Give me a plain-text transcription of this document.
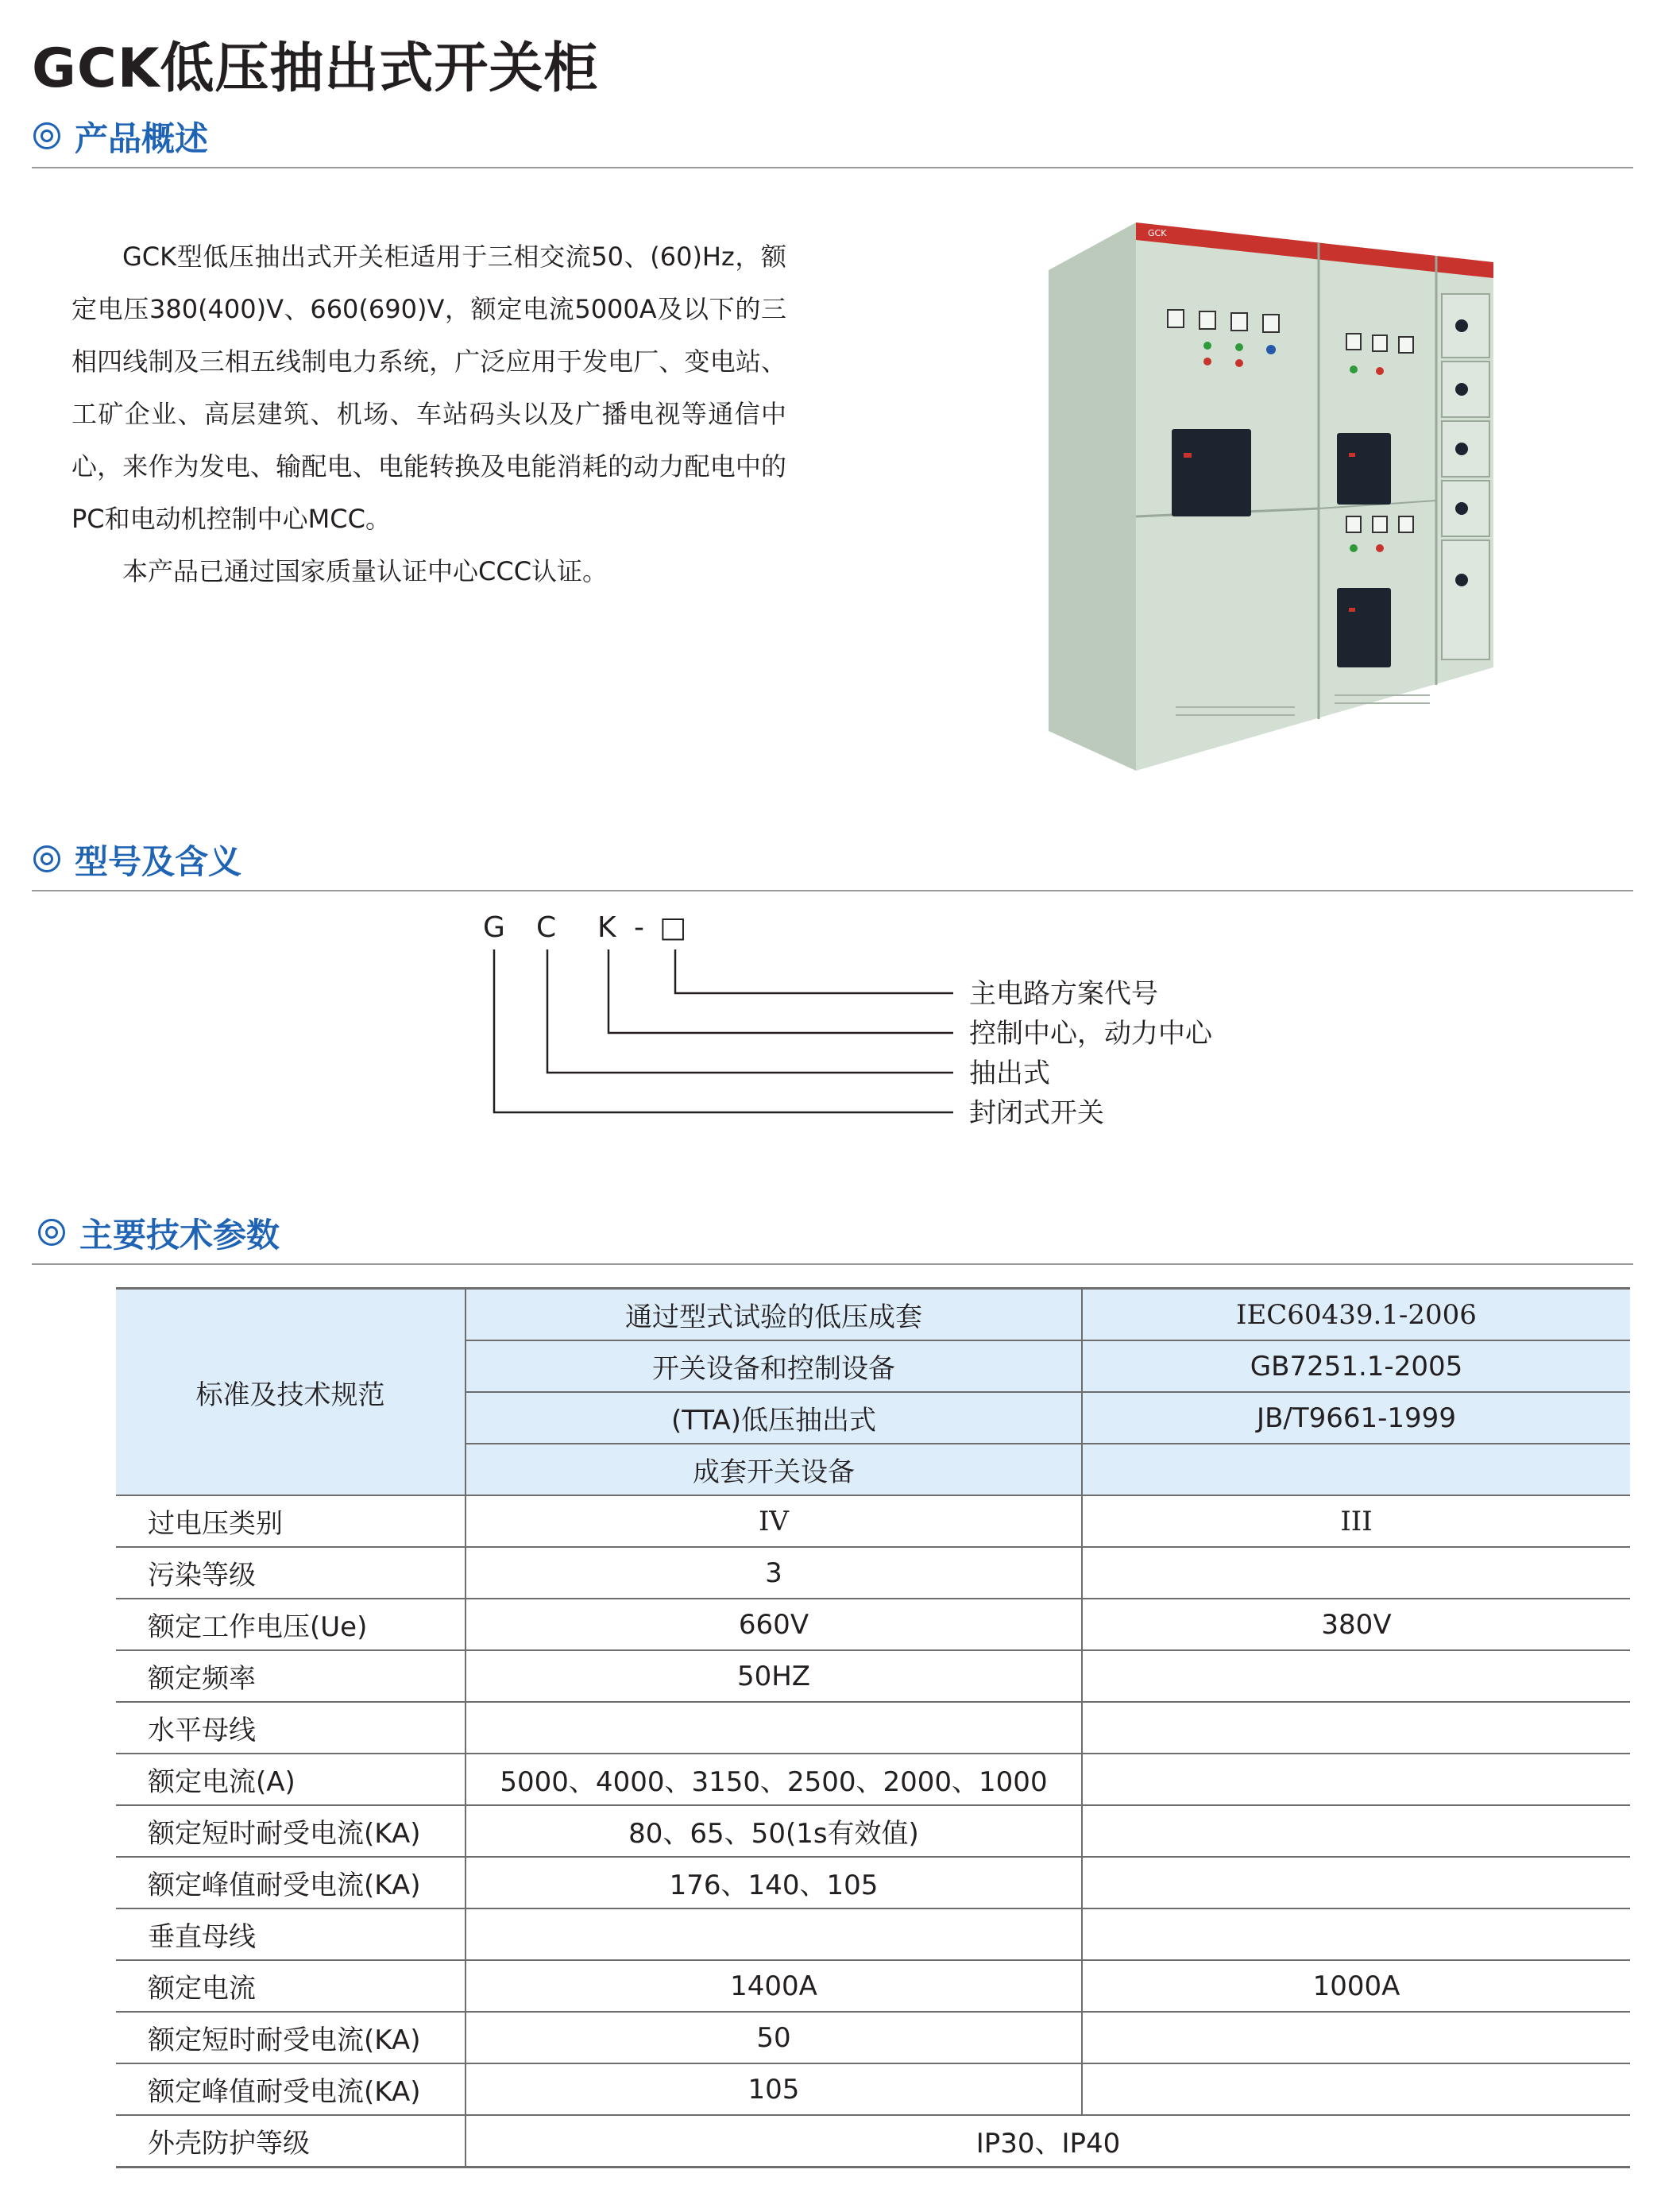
GCK低压抽出式开关柜
产品概述

GCK型低压抽出式开关柜适用于三相交流50、(60)Hz，额定电压380(400)V、660(690)V，额定电流5000A及以下的三相四线制及三相五线制电力系统，广泛应用于发电厂、变电站、工矿企业、高层建筑、机场、车站码头以及广播电视等通信中心，来作为发电、输配电、电能转换及电能消耗的动力配电中的PC和电动机控制中心MCC。

本产品已通过国家质量认证中心CCC认证。

GCK
型号及含义
G C K - □
主电路方案代号
控制中心，动力中心
抽出式
封闭式开关
主要技术参数
标准及技术规范	通过型式试验的低压成套	IEC60439.1-2006
	开关设备和控制设备	GB7251.1-2005
	(TTA)低压抽出式	JB/T9661-1999
	成套开关设备	
过电压类别	IV	III
污染等级	3	
额定工作电压(Ue)	660V	380V
额定频率	50HZ	
水平母线		
额定电流(A)	5000、4000、3150、2500、2000、1000	
额定短时耐受电流(KA)	80、65、50(1s有效值)	
额定峰值耐受电流(KA)	176、140、105	
垂直母线		
额定电流	1400A	1000A
额定短时耐受电流(KA)	50	
额定峰值耐受电流(KA)	105	
外壳防护等级	IP30、IP40	
